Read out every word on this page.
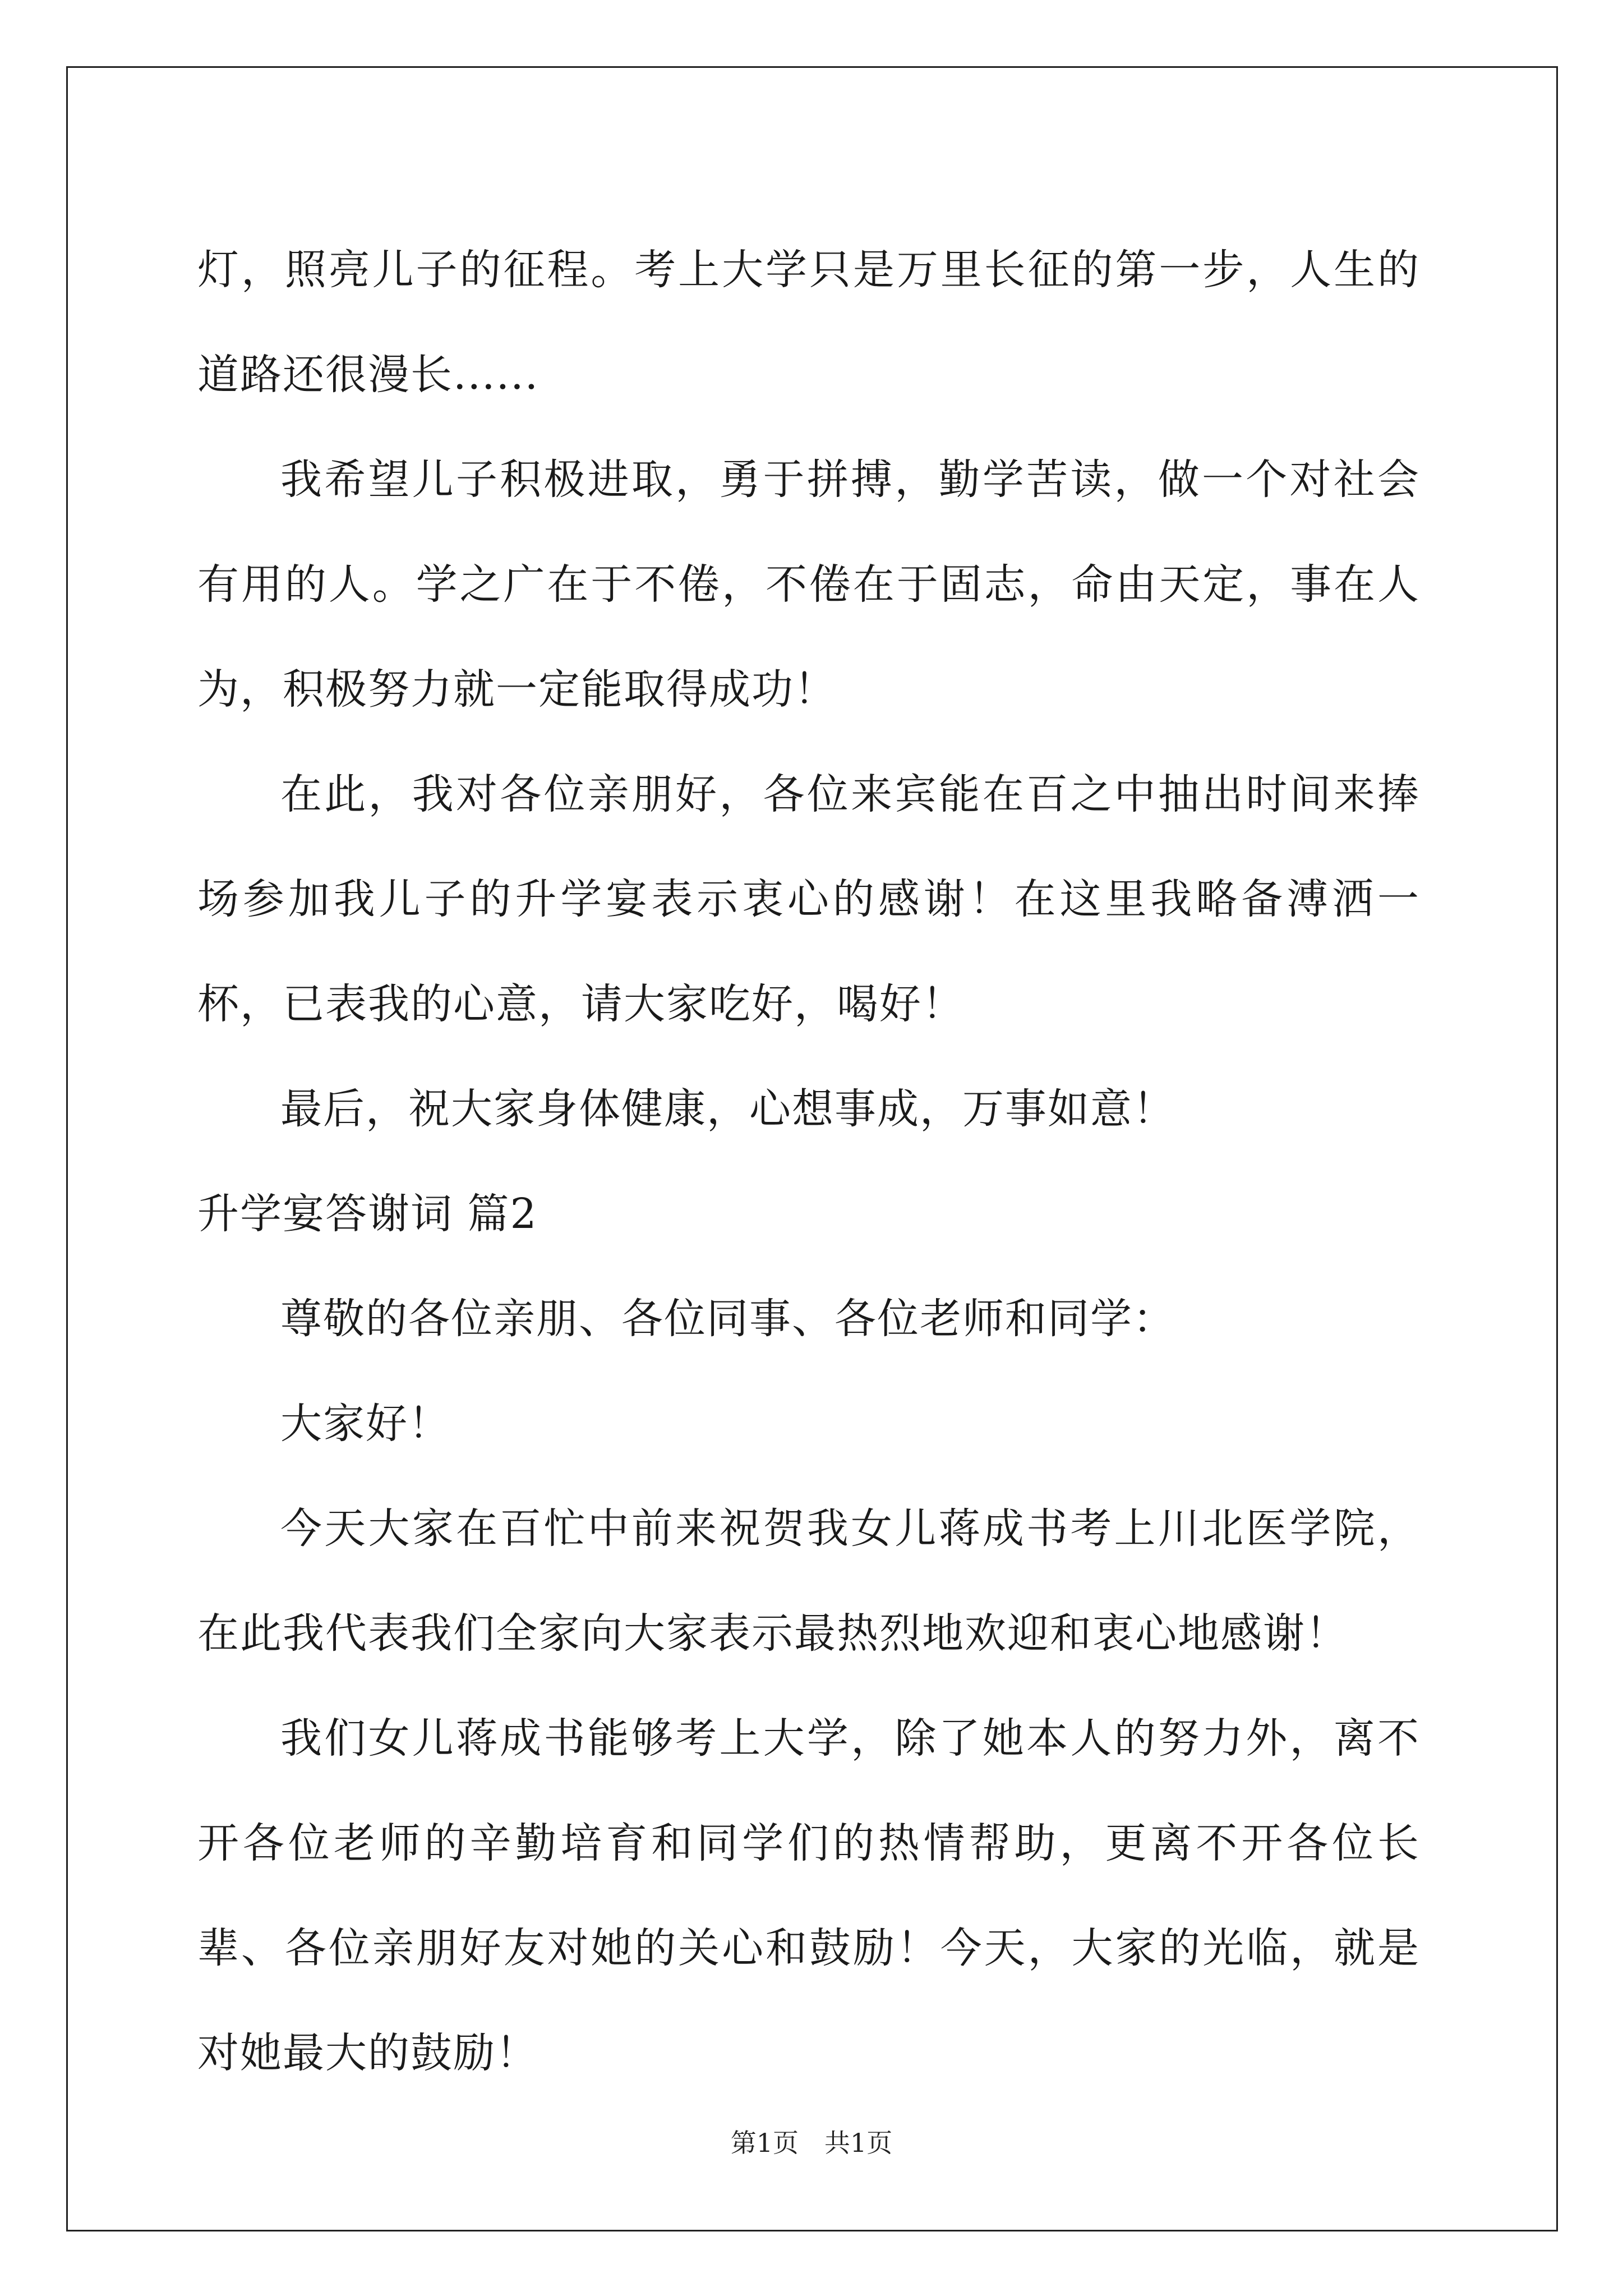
灯，照亮儿子的征程。考上大学只是万里长征的第一步，人生的道路还很漫长......

我希望儿子积极进取，勇于拼搏，勤学苦读，做一个对社会有用的人。学之广在于不倦，不倦在于固志，命由天定，事在人为，积极努力就一定能取得成功！

在此，我对各位亲朋好，各位来宾能在百之中抽出时间来捧场参加我儿子的升学宴表示衷心的感谢！在这里我略备溥洒一杯，已表我的心意，请大家吃好，喝好！

最后，祝大家身体健康，心想事成，万事如意！

升学宴答谢词 篇2

尊敬的各位亲朋、各位同事、各位老师和同学：

大家好！

今天大家在百忙中前来祝贺我女儿蒋成书考上川北医学院，在此我代表我们全家向大家表示最热烈地欢迎和衷心地感谢！

我们女儿蒋成书能够考上大学，除了她本人的努力外，离不开各位老师的辛勤培育和同学们的热情帮助，更离不开各位长辈、各位亲朋好友对她的关心和鼓励！今天，大家的光临，就是对她最大的鼓励！

第1页　共1页
